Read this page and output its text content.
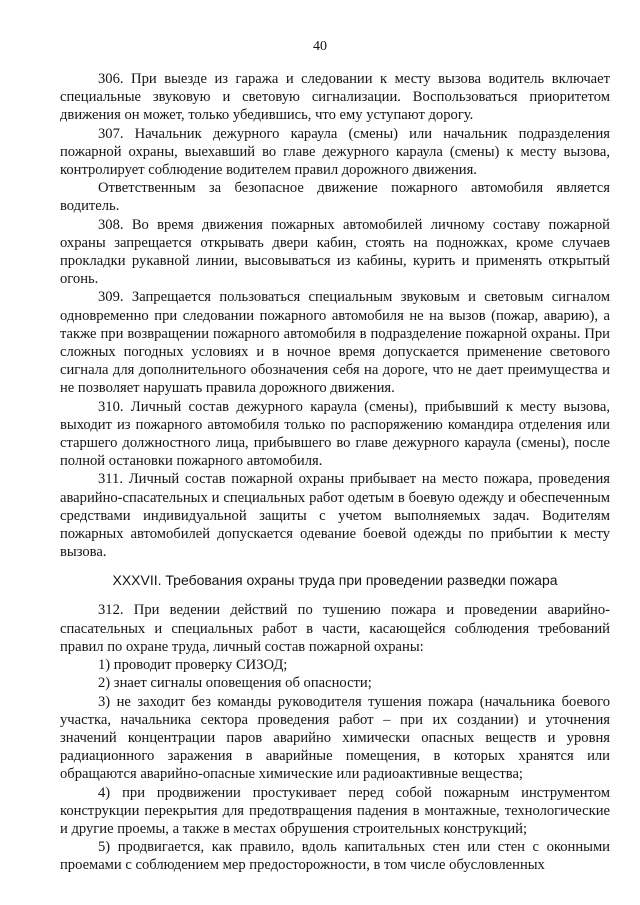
40

306. При выезде из гаража и следовании к месту вызова водитель включает специальные звуковую и световую сигнализации. Воспользоваться приоритетом движения он может, только убедившись, что ему уступают дорогу.

307. Начальник дежурного караула (смены) или начальник подразделения пожарной охраны, выехавший во главе дежурного караула (смены) к месту вызова, контролирует соблюдение водителем правил дорожного движения.

Ответственным за безопасное движение пожарного автомобиля является водитель.

308. Во время движения пожарных автомобилей личному составу пожарной охраны запрещается открывать двери кабин, стоять на подножках, кроме случаев прокладки рукавной линии, высовываться из кабины, курить и применять открытый огонь.

309. Запрещается пользоваться специальным звуковым и световым сигналом одновременно при следовании пожарного автомобиля не на вызов (пожар, аварию), а также при возвращении пожарного автомобиля в подразделение пожарной охраны. При сложных погодных условиях и в ночное время допускается применение светового сигнала для дополнительного обозначения себя на дороге, что не дает преимущества и не позволяет нарушать правила дорожного движения.

310. Личный состав дежурного караула (смены), прибывший к месту вызова, выходит из пожарного автомобиля только по распоряжению командира отделения или старшего должностного лица, прибывшего во главе дежурного караула (смены), после полной остановки пожарного автомобиля.

311. Личный состав пожарной охраны прибывает на место пожара, проведения аварийно-спасательных и специальных работ одетым в боевую одежду и обеспеченным средствами индивидуальной защиты с учетом выполняемых задач. Водителям пожарных автомобилей допускается одевание боевой одежды по прибытии к месту вызова.

XXXVII. Требования охраны труда при проведении разведки пожара

312. При ведении действий по тушению пожара и проведении аварийно-спасательных и специальных работ в части, касающейся соблюдения требований правил по охране труда, личный состав пожарной охраны:

1) проводит проверку СИЗОД;

2) знает сигналы оповещения об опасности;

3) не заходит без команды руководителя тушения пожара (начальника боевого участка, начальника сектора проведения работ – при их создании) и уточнения значений концентрации паров аварийно химически опасных веществ и уровня радиационного заражения в аварийные помещения, в которых хранятся или обращаются аварийно-опасные химические или радиоактивные вещества;

4) при продвижении простукивает перед собой пожарным инструментом конструкции перекрытия для предотвращения падения в монтажные, технологические и другие проемы, а также в местах обрушения строительных конструкций;

5) продвигается, как правило, вдоль капитальных стен или стен с оконными проемами с соблюдением мер предосторожности, в том числе обусловленных
